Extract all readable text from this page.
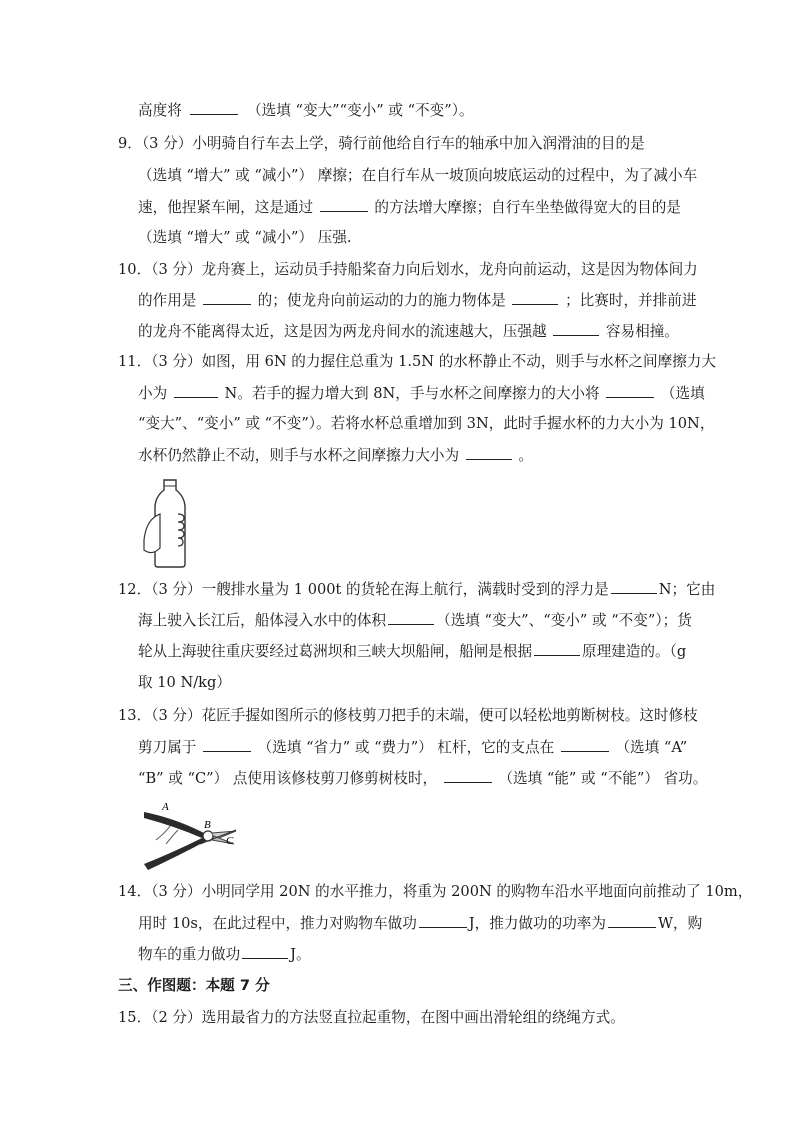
高度将	（选填 “变大”“变小” 或 “不变”）。
9．（3 分）小明骑自行车去上学，骑行前他给自行车的轴承中加入润滑油的目的是
（选填 “增大” 或 “减小”） 摩擦；在自行车从一坡顶向坡底运动的过程中，为了减小车
速，他捏紧车闸，这是通过	的方法增大摩擦；自行车坐垫做得宽大的目的是
（选填 “增大” 或 “减小”） 压强.
10．（3 分）龙舟赛上，运动员手持船桨奋力向后划水，龙舟向前运动，这是因为物体间力
的作用是	的；使龙舟向前运动的力的施力物体是	；比赛时，并排前进
的龙舟不能离得太近，这是因为两龙舟间水的流速越大，压强越	容易相撞。
11．（3 分）如图，用 6N 的力握住总重为 1.5N 的水杯静止不动，则手与水杯之间摩擦力大
小为	N。若手的握力增大到 8N，手与水杯之间摩擦力的大小将	（选填
“变大”、“变小” 或 “不变”）。若将水杯总重增加到 3N，此时手握水杯的力大小为 10N，
水杯仍然静止不动，则手与水杯之间摩擦力大小为	。
12．（3 分）一艘排水量为 1 000t 的货轮在海上航行，满载时受到的浮力是	N；它由
海上驶入长江后，船体浸入水中的体积	（选填 “变大”、“变小” 或 “不变”）；货
轮从上海驶往重庆要经过葛洲坝和三峡大坝船闸，船闸是根据	原理建造的。（g
取 10 N/kg）
13．（3 分）花匠手握如图所示的修枝剪刀把手的末端，便可以轻松地剪断树枝。这时修枝
剪刀属于	（选填 “省力” 或 “费力”） 杠杆，它的支点在	（选填 “A”
“B” 或 “C”） 点使用该修枝剪刀修剪树枝时，	（选填 “能” 或 “不能”） 省功。
A
B
C
14．（3 分）小明同学用 20N 的水平推力，将重为 200N 的购物车沿水平地面向前推动了 10m，
用时 10s，在此过程中，推力对购物车做功	J，推力做功的功率为	W，购
物车的重力做功	J。
三、作图题：本题 7 分
15．（2 分）选用最省力的方法竖直拉起重物，在图中画出滑轮组的绕绳方式。
